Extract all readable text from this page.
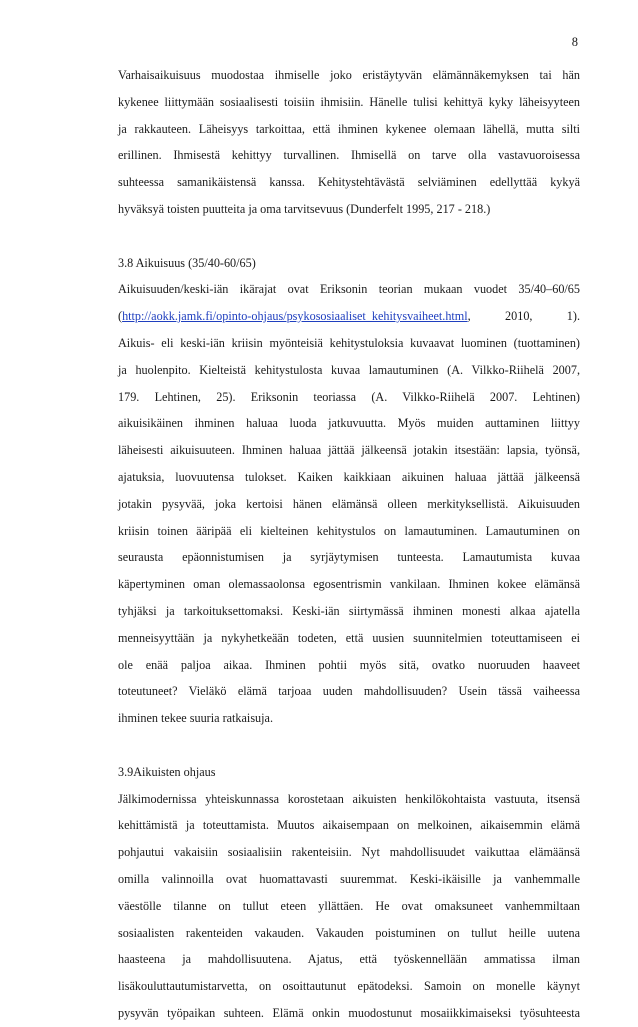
8
Varhaisaikuisuus muodostaa ihmiselle joko eristäytyvän elämännäkemyksen tai hän
kykenee liittymään sosiaalisesti toisiin ihmisiin. Hänelle tulisi kehittyä kyky läheisyyteen
ja rakkauteen. Läheisyys tarkoittaa, että ihminen kykenee olemaan lähellä, mutta silti
erillinen. Ihmisestä kehittyy turvallinen. Ihmisellä on tarve olla vastavuoroisessa
suhteessa samanikäistensä kanssa. Kehitystehtävästä selviäminen edellyttää kykyä
hyväksyä toisten puutteita ja oma tarvitsevuus (Dunderfelt 1995, 217 - 218.)
3.8 Aikuisuus (35/40-60/65)
Aikuisuuden/keski-iän ikärajat ovat Eriksonin teorian mukaan vuodet 35/40–60/65
(http://aokk.jamk.fi/opinto-ohjaus/psykososiaaliset_kehitysvaiheet.html, 2010, 1).
Aikuis- eli keski-iän kriisin myönteisiä kehitystuloksia kuvaavat luominen (tuottaminen)
ja huolenpito. Kielteistä kehitystulosta kuvaa lamautuminen (A. Vilkko-Riihelä 2007,
179. Lehtinen, 25). Eriksonin teoriassa (A. Vilkko-Riihelä 2007. Lehtinen)
aikuisikäinen ihminen haluaa luoda jatkuvuutta. Myös muiden auttaminen liittyy
läheisesti aikuisuuteen. Ihminen haluaa jättää jälkeensä jotakin itsestään: lapsia, työnsä,
ajatuksia, luovuutensa tulokset. Kaiken kaikkiaan aikuinen haluaa jättää jälkeensä
jotakin pysyvää, joka kertoisi hänen elämänsä olleen merkityksellistä. Aikuisuuden
kriisin toinen ääripää eli kielteinen kehitystulos on lamautuminen. Lamautuminen on
seurausta epäonnistumisen ja syrjäytymisen tunteesta. Lamautumista kuvaa
käpertyminen oman olemassaolonsa egosentrismin vankilaan. Ihminen kokee elämänsä
tyhjäksi ja tarkoituksettomaksi. Keski-iän siirtymässä ihminen monesti alkaa ajatella
menneisyyttään ja nykyhetkeään todeten, että uusien suunnitelmien toteuttamiseen ei
ole enää paljoa aikaa. Ihminen pohtii myös sitä, ovatko nuoruuden haaveet
toteutuneet? Vieläkö elämä tarjoaa uuden mahdollisuuden? Usein tässä vaiheessa
ihminen tekee suuria ratkaisuja.
3.9Aikuisten ohjaus
Jälkimodernissa yhteiskunnassa korostetaan aikuisten henkilökohtaista vastuuta, itsensä
kehittämistä ja toteuttamista. Muutos aikaisempaan on melkoinen, aikaisemmin elämä
pohjautui vakaisiin sosiaalisiin rakenteisiin. Nyt mahdollisuudet vaikuttaa elämäänsä
omilla valinnoilla ovat huomattavasti suuremmat. Keski-ikäisille ja vanhemmalle
väestölle tilanne on tullut eteen yllättäen. He ovat omaksuneet vanhemmiltaan
sosiaalisten rakenteiden vakauden. Vakauden poistuminen on tullut heille uutena
haasteena ja mahdollisuutena. Ajatus, että työskennellään ammatissa ilman
lisäkouluttautumistarvetta, on osoittautunut epätodeksi. Samoin on monelle käynyt
pysyvän työpaikan suhteen. Elämä onkin muodostunut mosaiikkimaiseksi työsuhteesta
